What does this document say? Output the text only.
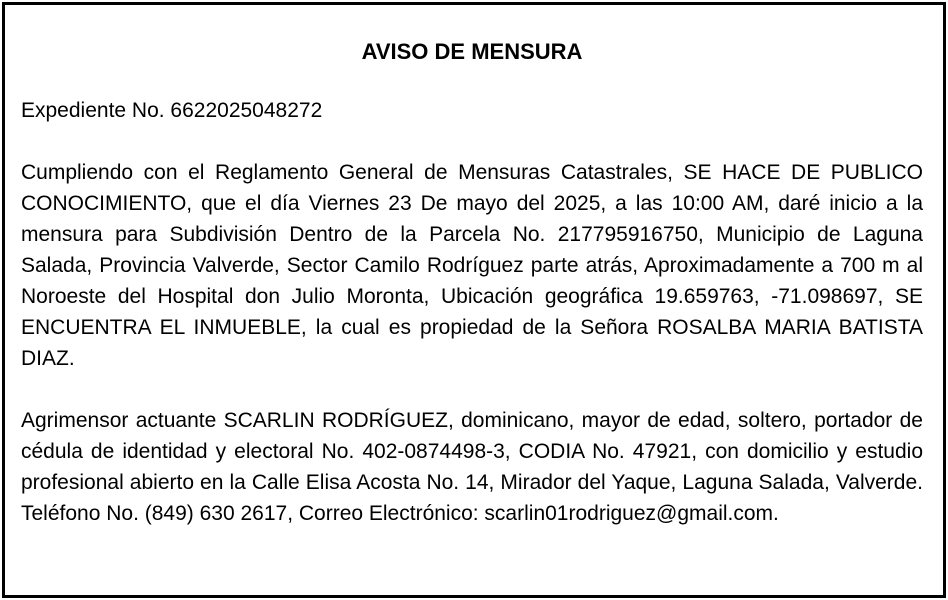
AVISO DE MENSURA

Expediente No. 6622025048272

Cumpliendo con el Reglamento General de Mensuras Catastrales, SE HACE DE PUBLICO CONOCIMIENTO, que el día Viernes 23 De mayo del 2025, a las 10:00 AM, daré inicio a la mensura para Subdivisión Dentro de la Parcela No. 217795916750, Municipio de Laguna Salada, Provincia Valverde, Sector Camilo Rodríguez parte atrás, Aproximadamente a 700 m al Noroeste del Hospital don Julio Moronta, Ubicación geográfica 19.659763, -71.098697, SE ENCUENTRA EL INMUEBLE, la cual es propiedad de la Señora ROSALBA MARIA BATISTA DIAZ.

Agrimensor actuante SCARLIN RODRÍGUEZ, dominicano, mayor de edad, soltero, portador de cédula de identidad y electoral No. 402-0874498-3, CODIA No. 47921, con domicilio y estudio profesional abierto en la Calle Elisa Acosta No. 14, Mirador del Yaque, Laguna Salada, Valverde. Teléfono No. (849) 630 2617, Correo Electrónico: scarlin01rodriguez@gmail.com.
